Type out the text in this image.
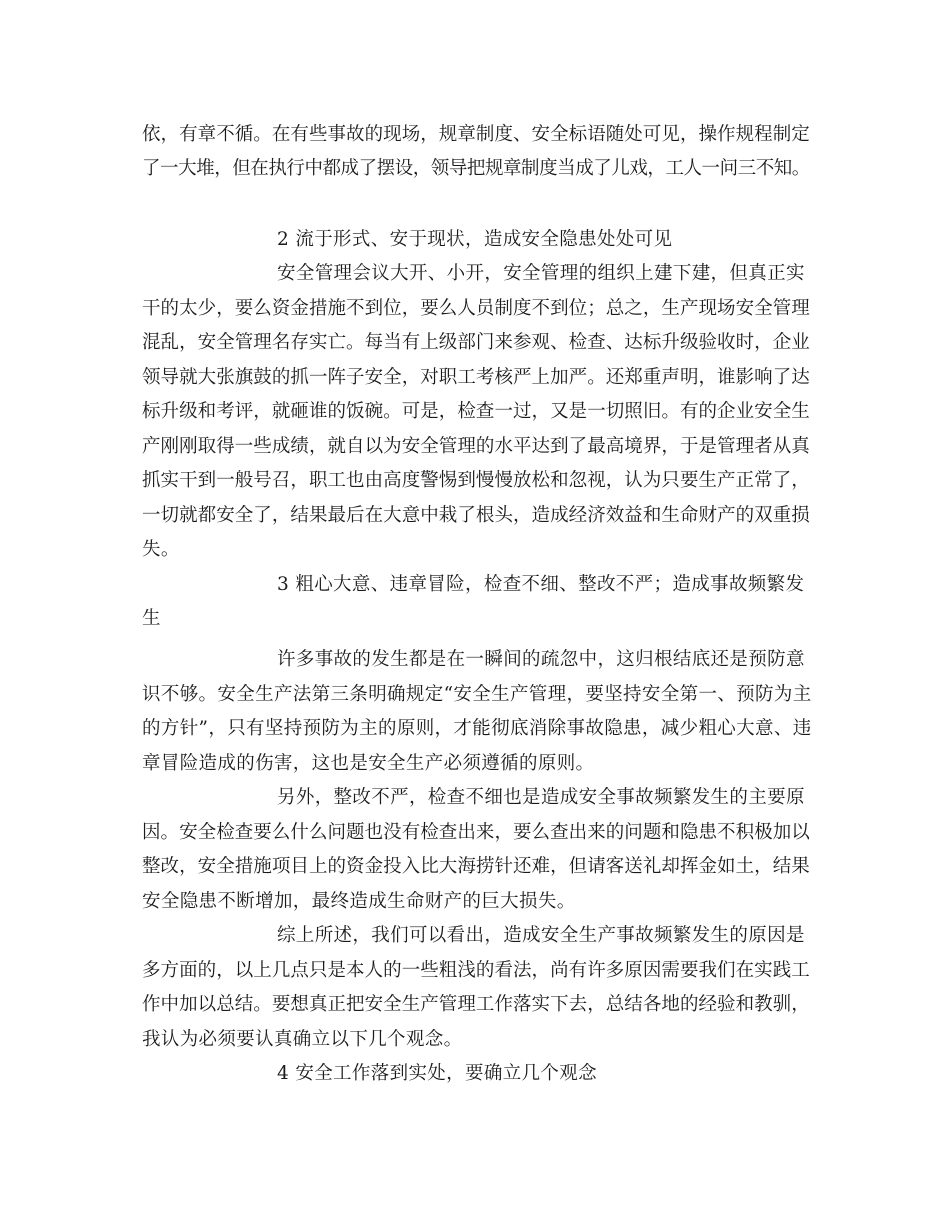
依，有章不循。在有些事故的现场，规章制度、安全标语随处可见，操作规程制定
了一大堆，但在执行中都成了摆设，领导把规章制度当成了儿戏，工人一问三不知。
2 流于形式、安于现状，造成安全隐患处处可见
安全管理会议大开、小开，安全管理的组织上建下建，但真正实
干的太少，要么资金措施不到位，要么人员制度不到位；总之，生产现场安全管理
混乱，安全管理名存实亡。每当有上级部门来参观、检查、达标升级验收时，企业
领导就大张旗鼓的抓一阵子安全，对职工考核严上加严。还郑重声明，谁影响了达
标升级和考评，就砸谁的饭碗。可是，检查一过，又是一切照旧。有的企业安全生
产刚刚取得一些成绩，就自以为安全管理的水平达到了最高境界，于是管理者从真
抓实干到一般号召，职工也由高度警惕到慢慢放松和忽视，认为只要生产正常了，
一切就都安全了，结果最后在大意中栽了根头，造成经济效益和生命财产的双重损
失。
3 粗心大意、违章冒险，检查不细、整改不严；造成事故频繁发
生
许多事故的发生都是在一瞬间的疏忽中，这归根结底还是预防意
识不够。安全生产法第三条明确规定“安全生产管理，要坚持安全第一、预防为主
的方针”，只有坚持预防为主的原则，才能彻底消除事故隐患，减少粗心大意、违
章冒险造成的伤害，这也是安全生产必须遵循的原则。
另外，整改不严，检查不细也是造成安全事故频繁发生的主要原
因。安全检查要么什么问题也没有检查出来，要么查出来的问题和隐患不积极加以
整改，安全措施项目上的资金投入比大海捞针还难，但请客送礼却挥金如土，结果
安全隐患不断增加，最终造成生命财产的巨大损失。
综上所述，我们可以看出，造成安全生产事故频繁发生的原因是
多方面的，以上几点只是本人的一些粗浅的看法，尚有许多原因需要我们在实践工
作中加以总结。要想真正把安全生产管理工作落实下去，总结各地的经验和教驯，
我认为必须要认真确立以下几个观念。
4 安全工作落到实处，要确立几个观念
